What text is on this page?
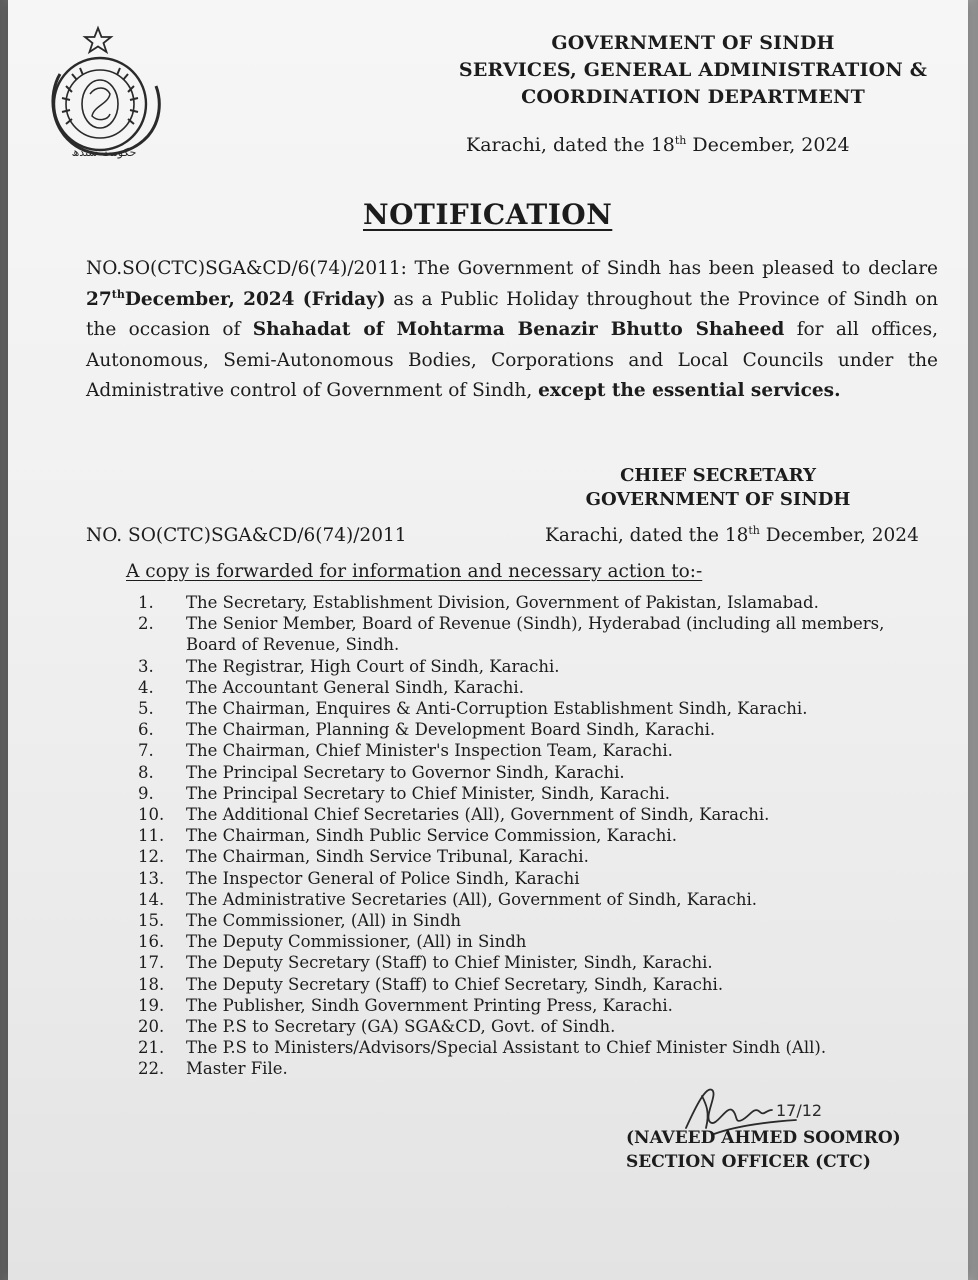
حکومت سندھ
GOVERNMENT OF SINDH
SERVICES, GENERAL ADMINISTRATION &
COORDINATION DEPARTMENT
Karachi, dated the 18th December, 2024
NOTIFICATION
NO.SO(CTC)SGA&CD/6(74)/2011: The Government of Sindh has been pleased to declare 27thDecember, 2024 (Friday) as a Public Holiday throughout the Province of Sindh on the occasion of Shahadat of Mohtarma Benazir Bhutto Shaheed for all offices, Autonomous, Semi-Autonomous Bodies, Corporations and Local Councils under the Administrative control of Government of Sindh, except the essential services.
CHIEF SECRETARY
GOVERNMENT OF SINDH
NO. SO(CTC)SGA&CD/6(74)/2011	Karachi, dated the 18th December, 2024
A copy is forwarded for information and necessary action to:-
1.	The Secretary, Establishment Division, Government of Pakistan, Islamabad.
2.	The Senior Member, Board of Revenue (Sindh), Hyderabad (including all members, Board of Revenue, Sindh.
3.	The Registrar, High Court of Sindh, Karachi.
4.	The Accountant General Sindh, Karachi.
5.	The Chairman, Enquires & Anti-Corruption Establishment Sindh, Karachi.
6.	The Chairman, Planning & Development Board Sindh, Karachi.
7.	The Chairman, Chief Minister's Inspection Team, Karachi.
8.	The Principal Secretary to Governor Sindh, Karachi.
9.	The Principal Secretary to Chief Minister, Sindh, Karachi.
10.	The Additional Chief Secretaries (All), Government of Sindh, Karachi.
11.	The Chairman, Sindh Public Service Commission, Karachi.
12.	The Chairman, Sindh Service Tribunal, Karachi.
13.	The Inspector General of Police Sindh, Karachi
14.	The Administrative Secretaries (All), Government of Sindh, Karachi.
15.	The Commissioner, (All) in Sindh
16.	The Deputy Commissioner, (All) in Sindh
17.	The Deputy Secretary (Staff) to Chief Minister, Sindh, Karachi.
18.	The Deputy Secretary (Staff) to Chief Secretary, Sindh, Karachi.
19.	The Publisher, Sindh Government Printing Press, Karachi.
20.	The P.S to Secretary (GA) SGA&CD, Govt. of Sindh.
21.	The P.S to Ministers/Advisors/Special Assistant to Chief Minister Sindh (All).
22.	Master File.
17/12
(NAVEED AHMED SOOMRO)
SECTION OFFICER (CTC)
